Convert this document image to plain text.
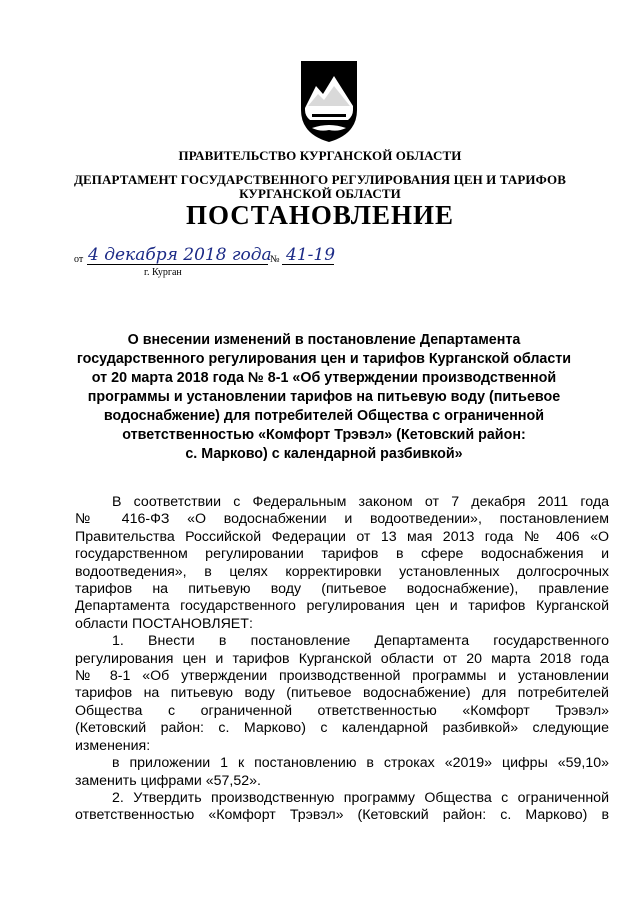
ПРАВИТЕЛЬСТВО КУРГАНСКОЙ ОБЛАСТИ
ДЕПАРТАМЕНТ ГОСУДАРСТВЕННОГО РЕГУЛИРОВАНИЯ ЦЕН И ТАРИФОВ
КУРГАНСКОЙ ОБЛАСТИ
ПОСТАНОВЛЕНИЕ
от 4 декабря 2018 года
№ 41-19
г. Курган
О внесении изменений в постановление Департамента
государственного регулирования цен и тарифов Курганской области
от 20 марта 2018 года № 8-1 «Об утверждении производственной
программы и установлении тарифов на питьевую воду (питьевое
водоснабжение) для потребителей Общества с ограниченной
ответственностью «Комфорт Трэвэл» (Кетовский район:
с. Марково) с календарной разбивкой»
В соответствии с Федеральным законом от 7 декабря 2011 года
№ 416-ФЗ «О водоснабжении и водоотведении», постановлением
Правительства Российской Федерации от 13 мая 2013 года № 406 «О
государственном регулировании тарифов в сфере водоснабжения и
водоотведения», в целях корректировки установленных долгосрочных
тарифов на питьевую воду (питьевое водоснабжение), правление
Департамента государственного регулирования цен и тарифов Курганской
области ПОСТАНОВЛЯЕТ:
1. Внести в постановление Департамента государственного
регулирования цен и тарифов Курганской области от 20 марта 2018 года
№ 8-1 «Об утверждении производственной программы и установлении
тарифов на питьевую воду (питьевое водоснабжение) для потребителей
Общества с ограниченной ответственностью «Комфорт Трэвэл»
(Кетовский район: с. Марково) с календарной разбивкой» следующие
изменения:
в приложении 1 к постановлению в строках «2019» цифры «59,10»
заменить цифрами «57,52».
2. Утвердить производственную программу Общества с ограниченной
ответственностью «Комфорт Трэвэл» (Кетовский район: с. Марково) в
